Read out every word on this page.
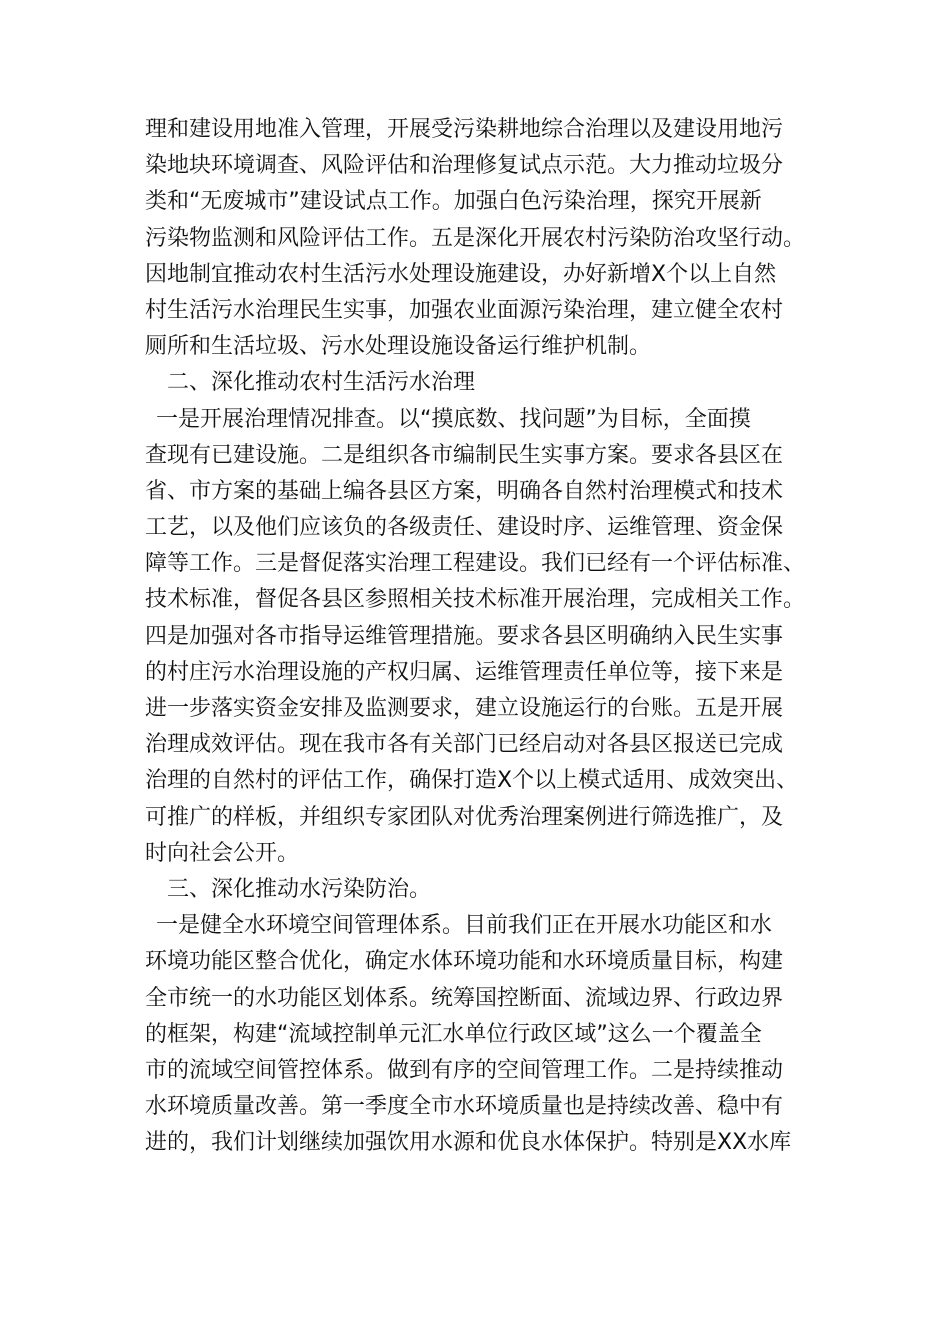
理和建设用地准入管理，开展受污染耕地综合治理以及建设用地污
染地块环境调查、风险评估和治理修复试点示范。大力推动垃圾分
类和“无废城市”建设试点工作。加强白色污染治理，探究开展新
污染物监测和风险评估工作。五是深化开展农村污染防治攻坚行动。
因地制宜推动农村生活污水处理设施建设，办好新增X个以上自然
村生活污水治理民生实事，加强农业面源污染治理，建立健全农村
厕所和生活垃圾、污水处理设施设备运行维护机制。
二、深化推动农村生活污水治理
一是开展治理情况排查。以“摸底数、找问题”为目标，全面摸
查现有已建设施。二是组织各市编制民生实事方案。要求各县区在
省、市方案的基础上编各县区方案，明确各自然村治理模式和技术
工艺，以及他们应该负的各级责任、建设时序、运维管理、资金保
障等工作。三是督促落实治理工程建设。我们已经有一个评估标准、
技术标准，督促各县区参照相关技术标准开展治理，完成相关工作。
四是加强对各市指导运维管理措施。要求各县区明确纳入民生实事
的村庄污水治理设施的产权归属、运维管理责任单位等，接下来是
进一步落实资金安排及监测要求，建立设施运行的台账。五是开展
治理成效评估。现在我市各有关部门已经启动对各县区报送已完成
治理的自然村的评估工作，确保打造X个以上模式适用、成效突出、
可推广的样板，并组织专家团队对优秀治理案例进行筛选推广，及
时向社会公开。
三、深化推动水污染防治。
一是健全水环境空间管理体系。目前我们正在开展水功能区和水
环境功能区整合优化，确定水体环境功能和水环境质量目标，构建
全市统一的水功能区划体系。统筹国控断面、流域边界、行政边界
的框架，构建“流域控制单元汇水单位行政区域”这么一个覆盖全
市的流域空间管控体系。做到有序的空间管理工作。二是持续推动
水环境质量改善。第一季度全市水环境质量也是持续改善、稳中有
进的，我们计划继续加强饮用水源和优良水体保护。特别是XX水库
